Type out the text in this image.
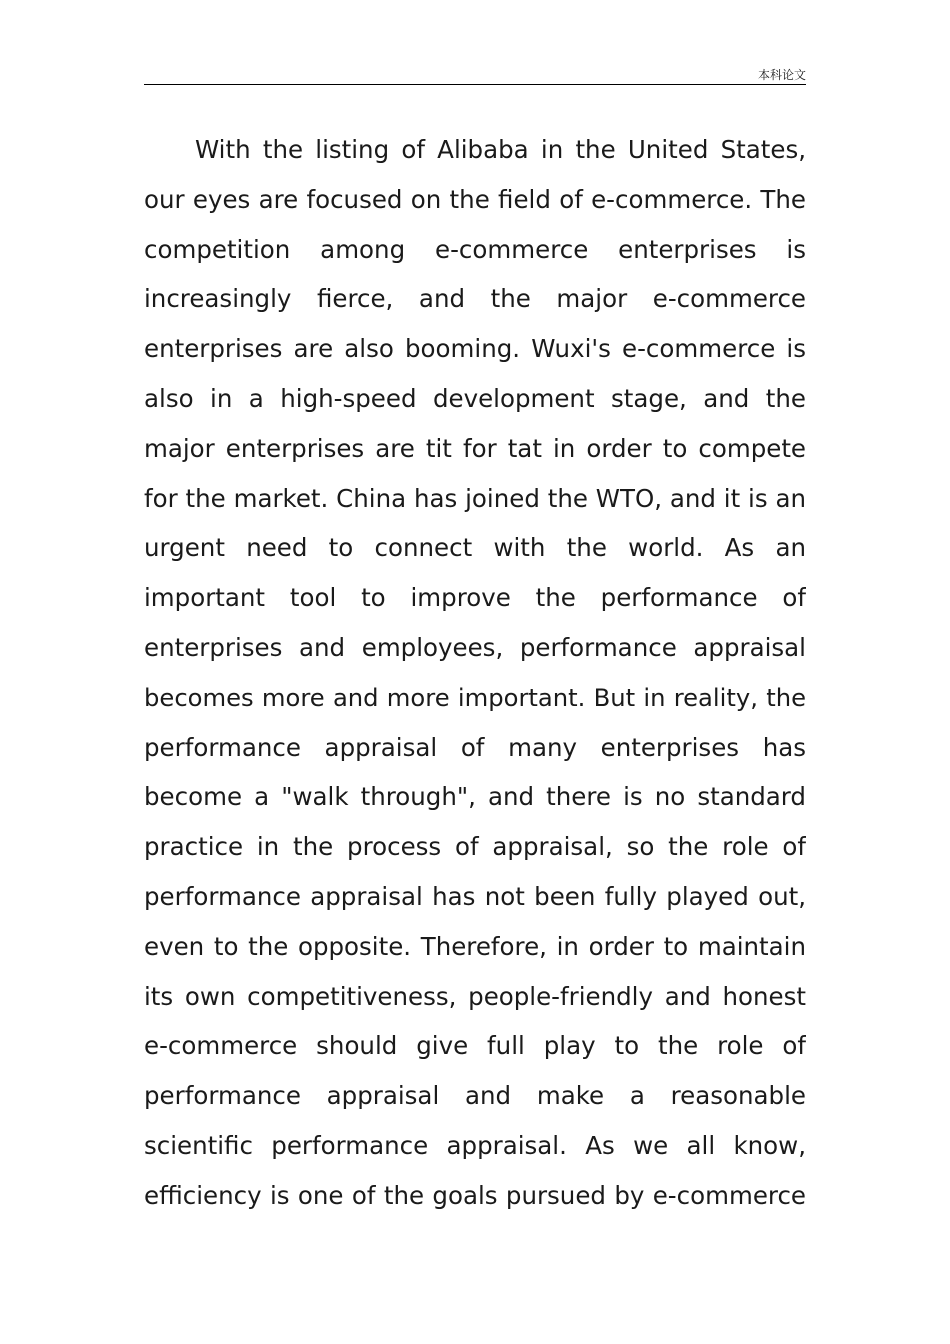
本科论文
With the listing of Alibaba in the United States,
our eyes are focused on the field of e-commerce. The
competition among e-commerce enterprises is
increasingly fierce, and the major e-commerce
enterprises are also booming. Wuxi's e-commerce is
also in a high-speed development stage, and the
major enterprises are tit for tat in order to compete
for the market. China has joined the WTO, and it is an
urgent need to connect with the world. As an
important tool to improve the performance of
enterprises and employees, performance appraisal
becomes more and more important. But in reality, the
performance appraisal of many enterprises has
become a "walk through", and there is no standard
practice in the process of appraisal, so the role of
performance appraisal has not been fully played out,
even to the opposite. Therefore, in order to maintain
its own competitiveness, people-friendly and honest
e-commerce should give full play to the role of
performance appraisal and make a reasonable
scientific performance appraisal. As we all know,
efficiency is one of the goals pursued by e-commerce
